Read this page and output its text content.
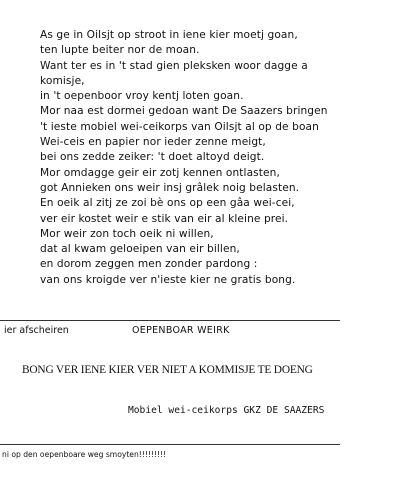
As ge in Oilsjt op stroot in iene kier moetj goan,
ten lupte beiter nor de moan.
Want ter es in 't stad gien pleksken woor dagge a
komisje,
in 't oepenboor vroy kentj loten goan.
Mor naa est dormei gedoan want De Saazers bringen
't ieste mobiel wei-ceikorps van Oilsjt al op de boan
Wei-ceis en papier nor ieder zenne meigt,
bei ons zedde zeiker: 't doet altoyd deigt.
Mor omdagge geir eir zotj kennen ontlasten,
got Annieken ons weir insj grâlek noig belasten.
En oeik al zitj ze zoi bè ons op een gâa wei-cei,
ver eir kostet weir e stik van eir al kleine prei.
Mor weir zon toch oeik ni willen,
dat al kwam geloeipen van eir billen,
en dorom zeggen men zonder pardong :
van ons kroigde ver n'ieste kier ne gratis bong.
ier afscheiren	OEPENBOAR WEIRK
BONG VER IENE KIER VER NIET A KOMMISJE TE DOENG
Mobiel wei-ceikorps GKZ DE SAAZERS
ni op den oepenboare weg smoyten!!!!!!!!!
